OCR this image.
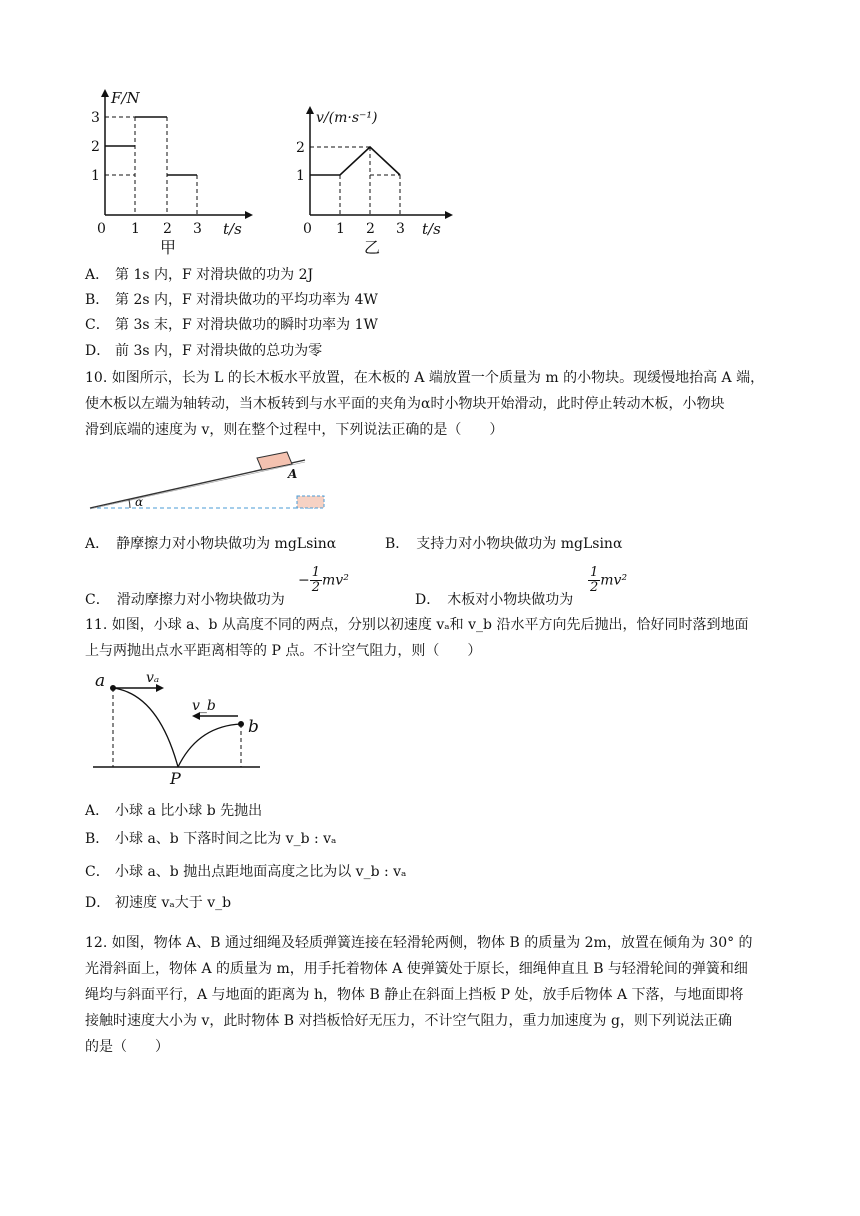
F/N
3
2
1
0 1 2 3 t/s
甲
v/(m·s⁻¹)
2
1
0 1 2 3 t/s
乙
A． 第 1s 内，F 对滑块做的功为 2J
B． 第 2s 内，F 对滑块做功的平均功率为 4W
C． 第 3s 末，F 对滑块做功的瞬时功率为 1W
D． 前 3s 内，F 对滑块做的总功为零
10. 如图所示，长为 L 的长木板水平放置，在木板的 A 端放置一个质量为 m 的小物块。现缓慢地抬高 A 端，
使木板以左端为轴转动，当木板转到与水平面的夹角为α时小物块开始滑动，此时停止转动木板，小物块
滑到底端的速度为 v，则在整个过程中，下列说法正确的是（　　）
α
A
A．　静摩擦力对小物块做功为 mgLsinα	B．　支持力对小物块做功为 mgLsinα
C．　滑动摩擦力对小物块做功为
− $\frac{1}{2} mv^2$
D．　木板对小物块做功为
$\frac{1}{2} mv^2$
11. 如图，小球 a、b 从高度不同的两点，分别以初速度 vₐ和 v_b 沿水平方向先后抛出，恰好同时落到地面
上与两抛出点水平距离相等的 P 点。不计空气阻力，则（　　）
a	vₐ
v_b
b
P
A． 小球 a 比小球 b 先抛出
B． 小球 a、b 下落时间之比为 v_b : vₐ
C． 小球 a、b 抛出点距地面高度之比为以 v_b : vₐ
D． 初速度 vₐ大于 v_b
12. 如图，物体 A、B 通过细绳及轻质弹簧连接在轻滑轮两侧，物体 B 的质量为 2m，放置在倾角为 30° 的
光滑斜面上，物体 A 的质量为 m，用手托着物体 A 使弹簧处于原长，细绳伸直且 B 与轻滑轮间的弹簧和细
绳均与斜面平行，A 与地面的距离为 h，物体 B 静止在斜面上挡板 P 处，放手后物体 A 下落，与地面即将
接触时速度大小为 v，此时物体 B 对挡板恰好无压力，不计空气阻力，重力加速度为 g，则下列说法正确
的是（　　）
